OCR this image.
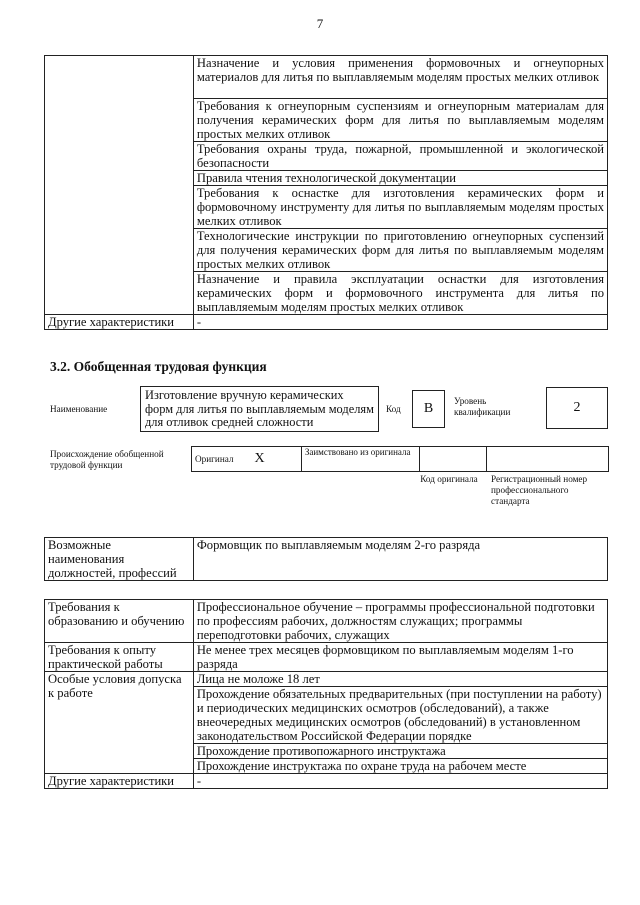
7
	Назначение и условия применения формовочных и огнеупорных материалов для литья по выплавляемым моделям простых мелких отливок
	Требования к огнеупорным суспензиям и огнеупорным материалам для получения керамических форм для литья по выплавляемым моделям простых мелких отливок
	Требования охраны труда, пожарной, промышленной и экологической безопасности
	Правила чтения технологической документации
	Требования к оснастке для изготовления керамических форм и формовочному инструменту для литья по выплавляемым моделям простых мелких отливок
	Технологические инструкции по приготовлению огнеупорных суспензий для получения керамических форм для литья по выплавляемым моделям простых мелких отливок
	Назначение и правила эксплуатации оснастки для изготовления керамических форм и формовочного инструмента для литья по выплавляемым моделям простых мелких отливок
Другие характеристики	-
3.2. Обобщенная трудовая функция
Наименование
Изготовление вручную керамических форм для литья по выплавляемым моделям для отливок средней сложности
Код	B	Уровень квалификации	2
Происхождение обобщенной трудовой функции
Оригинал	X	Заимствовано из оригинала		
Код оригинала Регистрационный номер профессионального стандарта
Возможные наименования должностей, профессий	Формовщик по выплавляемым моделям 2-го разряда
Требования к образованию и обучению	Профессиональное обучение – программы профессиональной подготовки по профессиям рабочих, должностям служащих; программы переподготовки рабочих, служащих
Требования к опыту практической работы	Не менее трех месяцев формовщиком по выплавляемым моделям 1-го разряда
Особые условия допуска к работе	Лица не моложе 18 лет
	Прохождение обязательных предварительных (при поступлении на работу) и периодических медицинских осмотров (обследований), а также внеочередных медицинских осмотров (обследований) в установленном законодательством Российской Федерации порядке
	Прохождение противопожарного инструктажа
	Прохождение инструктажа по охране труда на рабочем месте
Другие характеристики	-
